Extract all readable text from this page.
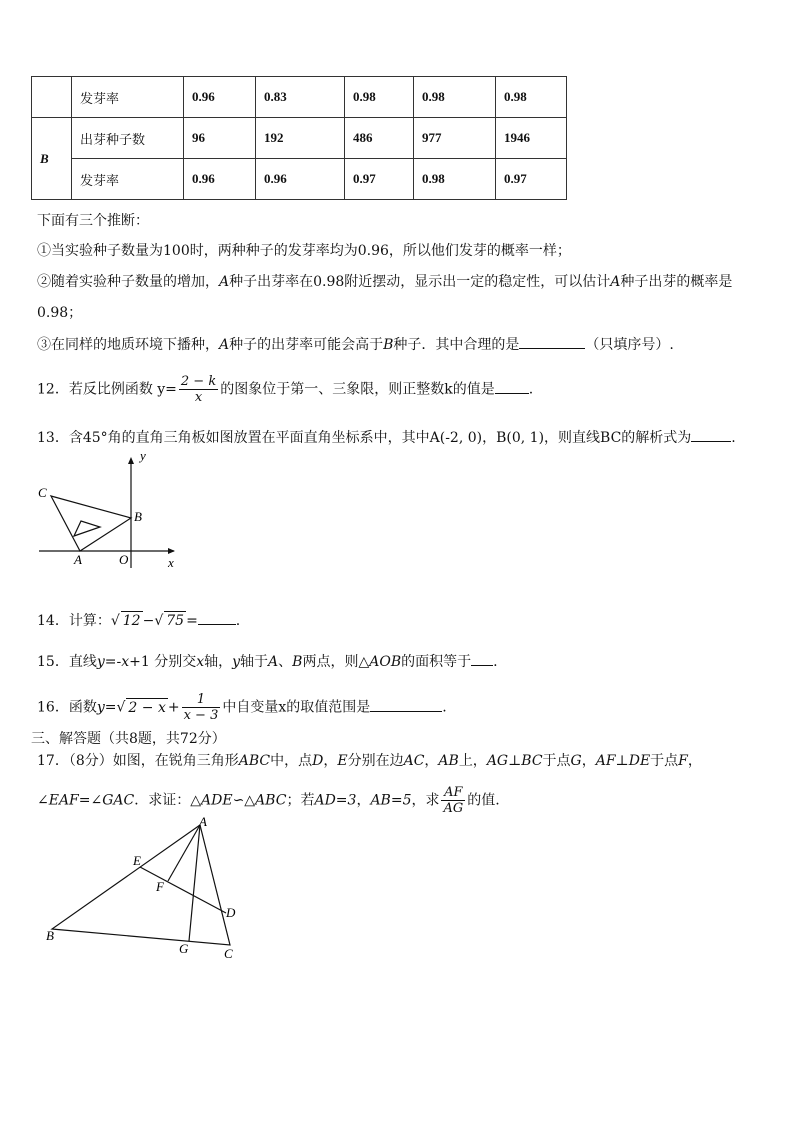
	发芽率	0.96	0.83	0.98	0.98	0.98
B	出芽种子数	96	192	486	977	1946
	发芽率	0.96	0.96	0.97	0.98	0.97
下面有三个推断：
①当实验种子数量为100时，两种种子的发芽率均为0.96，所以他们发芽的概率一样；
②随着实验种子数量的增加，A种子出芽率在0.98附近摆动，显示出一定的稳定性，可以估计A种子出芽的概率是
0.98；
③在同样的地质环境下播种，A种子的出芽率可能会高于B种子．其中合理的是	（只填序号）.
12．若反比例函数 $y= \frac{2 - k}{x}$ 的图象位于第一、三象限，则正整数k的值是 .
13．含45°角的直角三角板如图放置在平面直角坐标系中，其中A(-2, 0)，B(0, 1)，则直线BC的解析式为	.
y
x
C
B
A	O
14．计算：√ 12 −√ 75 =	.
15．直线y=-x+1 分别交x轴，y轴于A、B两点，则△AOB的面积等于 .
16．函数y=√ $2 - x + \frac{1}{x - 3}$ 中自变量x的取值范围是	.
三、解答题（共8题，共72分）
17．（8分）如图，在锐角三角形ABC中，点D，E分别在边AC，AB上，AG⊥BC于点G，AF⊥DE于点F，
∠EAF=∠GAC．求证：△ADE∽△ABC；若AD=3，AB=5，求 $\frac{AF}{AG}$ 的值.
A
E
F
D
B
G	C
